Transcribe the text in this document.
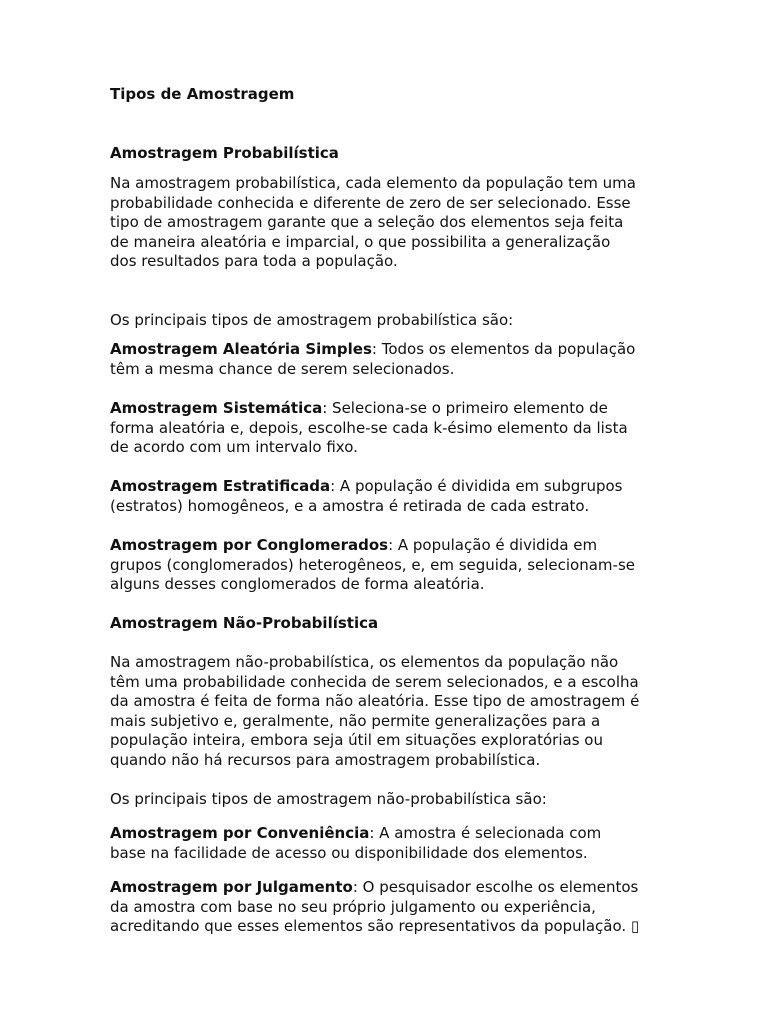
Tipos de Amostragem
Amostragem Probabilística
Na amostragem probabilística, cada elemento da população tem uma
probabilidade conhecida e diferente de zero de ser selecionado. Esse
tipo de amostragem garante que a seleção dos elementos seja feita
de maneira aleatória e imparcial, o que possibilita a generalização
dos resultados para toda a população.
Os principais tipos de amostragem probabilística são:
Amostragem Aleatória Simples: Todos os elementos da população
têm a mesma chance de serem selecionados.
Amostragem Sistemática: Seleciona-se o primeiro elemento de
forma aleatória e, depois, escolhe-se cada k-ésimo elemento da lista
de acordo com um intervalo fixo.
Amostragem Estratificada: A população é dividida em subgrupos
(estratos) homogêneos, e a amostra é retirada de cada estrato.
Amostragem por Conglomerados: A população é dividida em
grupos (conglomerados) heterogêneos, e, em seguida, selecionam-se
alguns desses conglomerados de forma aleatória.
Amostragem Não-Probabilística
Na amostragem não-probabilística, os elementos da população não
têm uma probabilidade conhecida de serem selecionados, e a escolha
da amostra é feita de forma não aleatória. Esse tipo de amostragem é
mais subjetivo e, geralmente, não permite generalizações para a
população inteira, embora seja útil em situações exploratórias ou
quando não há recursos para amostragem probabilística.
Os principais tipos de amostragem não-probabilística são:
Amostragem por Conveniência: A amostra é selecionada com
base na facilidade de acesso ou disponibilidade dos elementos.
Amostragem por Julgamento: O pesquisador escolhe os elementos
da amostra com base no seu próprio julgamento ou experiência,
acreditando que esses elementos são representativos da população. ▯
